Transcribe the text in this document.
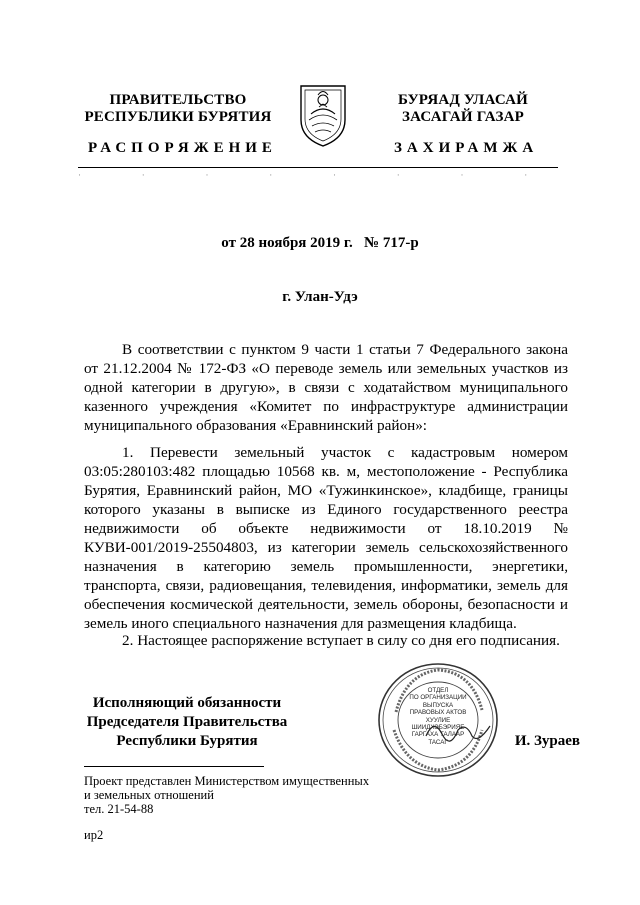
ПРАВИТЕЛЬСТВО
РЕСПУБЛИКИ БУРЯТИЯ
РАСПОРЯЖЕНИЕ
БУРЯАД УЛАСАЙ
ЗАСАГАЙ ГАЗАР
ЗАХИРАМЖА
·           ·           ·           ·           ·           ·           ·           ·
от 28 ноября 2019 г.   № 717-р
г. Улан-Удэ
В соответствии с пунктом 9 части 1 статьи 7 Федерального закона от 21.12.2004 № 172-ФЗ «О переводе земель или земельных участков из одной категории в другую», в связи с ходатайством муниципального казенного учреждения «Комитет по инфраструктуре администрации муниципального образования «Еравнинский район»:
1. Перевести земельный участок с кадастровым номером 03:05:280103:482 площадью 10568 кв. м, местоположение - Республика Бурятия, Еравнинский район, МО «Тужинкинское», кладбище, границы которого указаны в выписке из Единого государственного реестра недвижимости об объекте недвижимости от 18.10.2019 № КУВИ-001/2019-25504803, из категории земель сельскохозяйственного назначения в категорию земель промышленности, энергетики, транспорта, связи, радиовещания, телевидения, информатики, земель для обеспечения космической деятельности, земель обороны, безопасности и земель иного специального назначения для размещения кладбища.
2. Настоящее распоряжение вступает в силу со дня его подписания.
Исполняющий обязанности
Председателя Правительства
Республики Бурятия
ОТДЕЛ
ПО ОРГАНИЗАЦИИ
ВЫПУСКА
ПРАВОВЫХ АКТОВ
ХУУЛИЕ
ШИИДХЭБЭРИЯЕ
ГАРГАХА ТАЛААР
ТАСАГ	И. Зураев
Проект представлен Министерством имущественных
и земельных отношений
тел. 21-54-88
ир2
